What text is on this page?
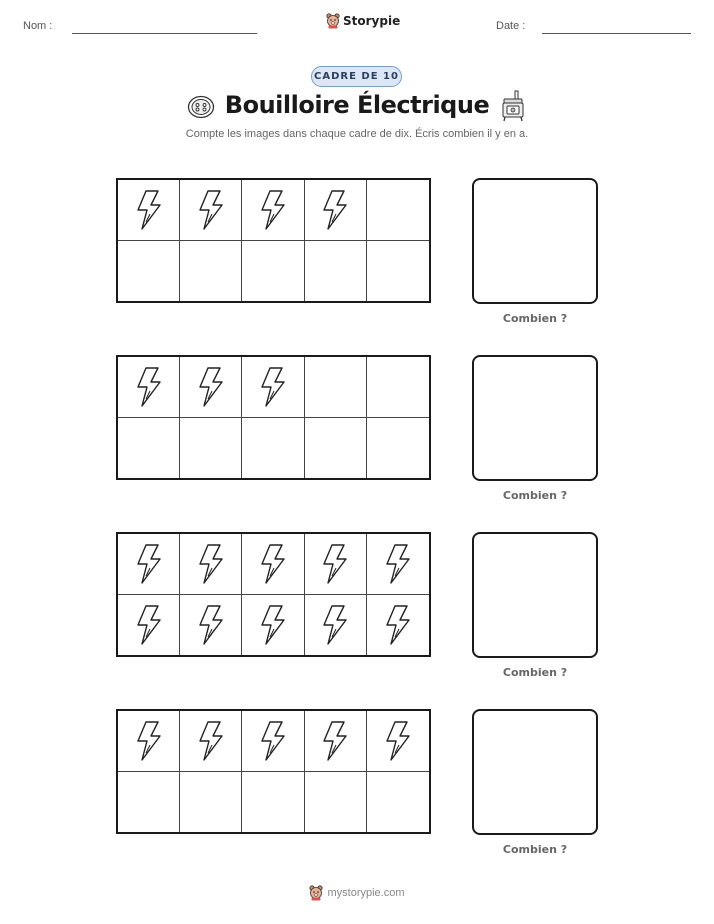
Nom :	Storypie	Date :
CADRE DE 10
Bouilloire Électrique
Compte les images dans chaque cadre de dix. Écris combien il y en a.
Combien ?
Combien ?
Combien ?
Combien ?
mystorypie.com
